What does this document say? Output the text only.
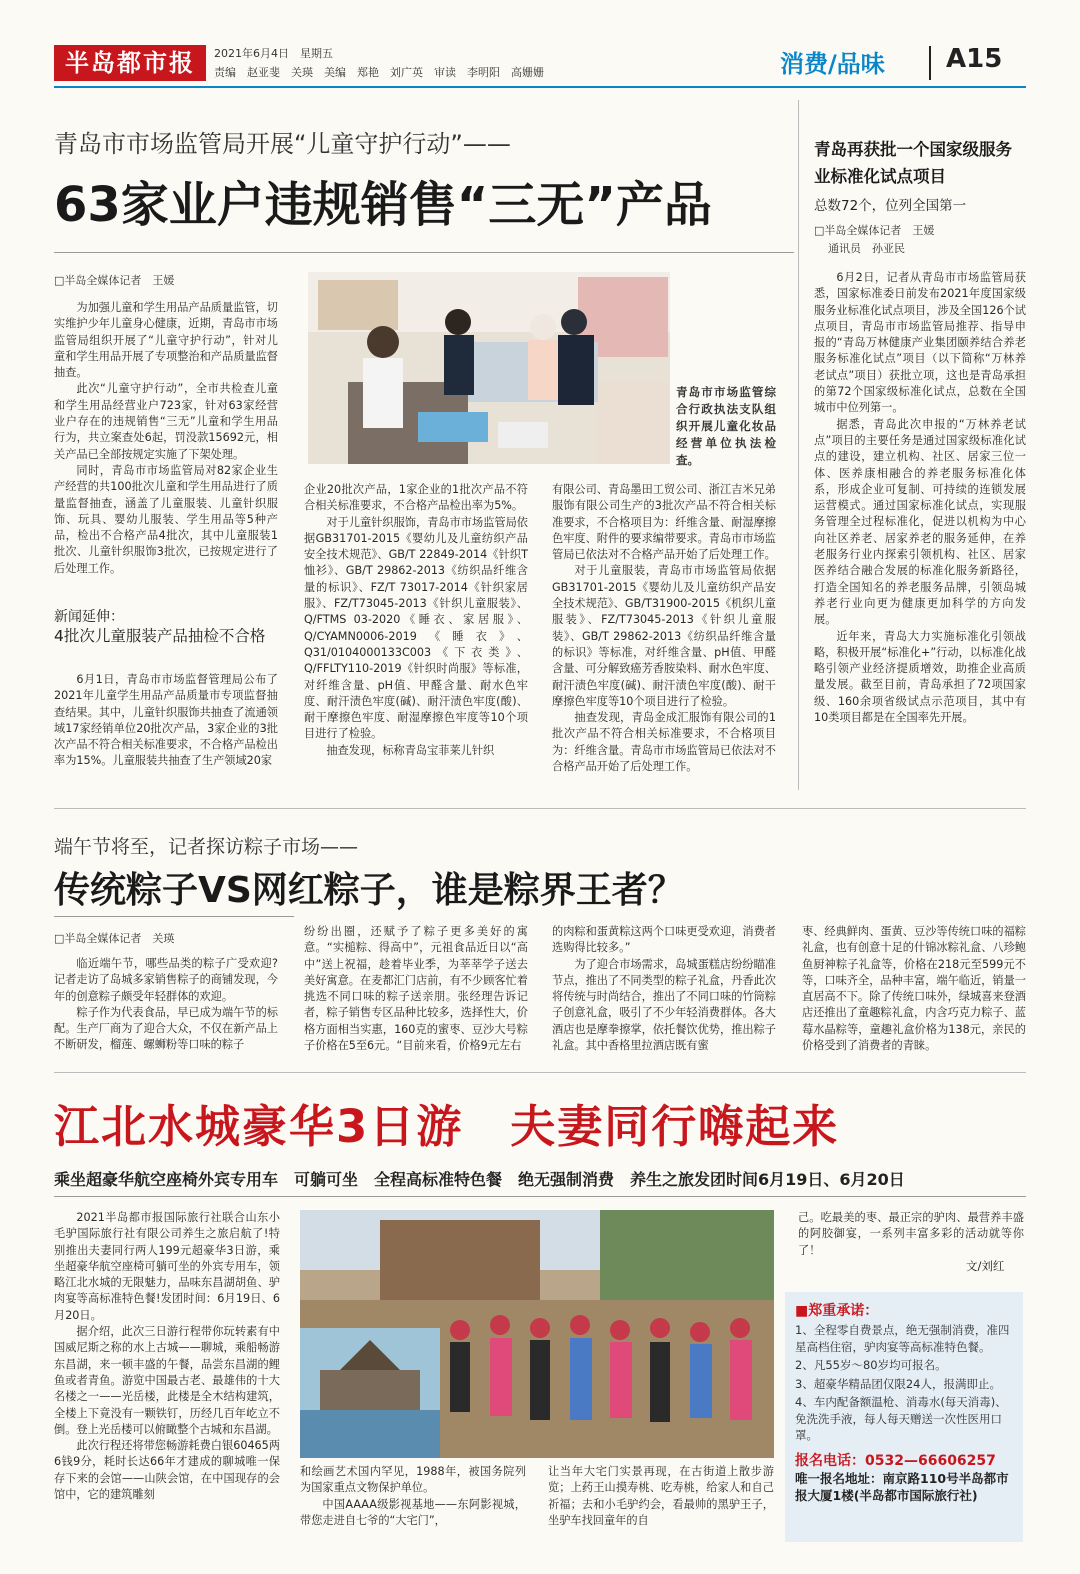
半岛都市报	2021年6月4日　星期五
责编　赵亚斐　关瑛　美编　郑艳　刘广英　审读　李明阳　高姗姗	消费/品味 A15
青岛市市场监管局开展“儿童守护行动”——
63家业户违规销售“三无”产品
□半岛全媒体记者　王媛

为加强儿童和学生用品产品质量监管，切实维护少年儿童身心健康，近期，青岛市市场监管局组织开展了“儿童守护行动”，针对儿童和学生用品开展了专项整治和产品质量监督抽查。

此次“儿童守护行动”，全市共检查儿童和学生用品经营业户723家，针对63家经营业户存在的违规销售“三无”儿童和学生用品行为，共立案查处6起，罚没款15692元，相关产品已全部按规定实施了下架处理。

同时，青岛市市场监管局对82家企业生产经营的共100批次儿童和学生用品进行了质量监督抽查，涵盖了儿童服装、儿童针织服饰、玩具、婴幼儿服装、学生用品等5种产品，检出不合格产品4批次，其中儿童服装1批次、儿童针织服饰3批次，已按规定进行了后处理工作。

新闻延伸：
4批次儿童服装产品抽检不合格

6月1日，青岛市市场监督管理局公布了2021年儿童学生用品产品质量市专项监督抽查结果。其中，儿童针织服饰共抽查了流通领域17家经销单位20批次产品，3家企业的3批次产品不符合相关标准要求，不合格产品检出率为15%。儿童服装共抽查了生产领域20家

青岛市市场监管综合行政执法支队组织开展儿童化妆品经营单位执法检查。

企业20批次产品，1家企业的1批次产品不符合相关标准要求，不合格产品检出率为5%。

对于儿童针织服饰，青岛市市场监管局依据GB31701-2015《婴幼儿及儿童纺织产品安全技术规范》、GB/T 22849-2014《针织T恤衫》、GB/T 29862-2013《纺织品纤维含量的标识》、FZ/T 73017-2014《针织家居服》、FZ/T73045-2013《针织儿童服装》、Q/FTMS 03-2020《睡衣、家居服》、Q/CYAMN0006-2019《睡衣》、Q31/0104000133C003《下衣类》、Q/FFLTY110-2019《针织时尚服》等标准，对纤维含量、pH值、甲醛含量、耐水色牢度、耐汗渍色牢度(碱)、耐汗渍色牢度(酸)、耐干摩擦色牢度、耐湿摩擦色牢度等10个项目进行了检验。

抽查发现，标称青岛宝菲莱儿针织

有限公司、青岛墨田工贸公司、浙江吉米兄弟服饰有限公司生产的3批次产品不符合相关标准要求，不合格项目为：纤维含量、耐湿摩擦色牢度、附件的要求编带要求。青岛市市场监管局已依法对不合格产品开始了后处理工作。

对于儿童服装，青岛市市场监管局依据GB31701-2015《婴幼儿及儿童纺织产品安全技术规范》、GB/T31900-2015《机织儿童服装》、FZ/T73045-2013《针织儿童服装》、GB/T 29862-2013《纺织品纤维含量的标识》等标准，对纤维含量、pH值、甲醛含量、可分解致癌芳香胺染料、耐水色牢度、耐汗渍色牢度(碱)、耐汗渍色牢度(酸)、耐干摩擦色牢度等10个项目进行了检验。

抽查发现，青岛金成汇服饰有限公司的1批次产品不符合相关标准要求，不合格项目为：纤维含量。青岛市市场监管局已依法对不合格产品开始了后处理工作。

青岛再获批一个国家级服务业标准化试点项目
总数72个，位列全国第一
□半岛全媒体记者　王媛
通讯员　孙亚民

6月2日，记者从青岛市市场监管局获悉，国家标准委日前发布2021年度国家级服务业标准化试点项目，涉及全国126个试点项目，青岛市市场监管局推荐、指导申报的“青岛万林健康产业集团颐养结合养老服务标准化试点”项目（以下简称“万林养老试点”项目）获批立项，这也是青岛承担的第72个国家级标准化试点，总数在全国城市中位列第一。

据悉，青岛此次申报的“万林养老试点”项目的主要任务是通过国家级标准化试点的建设，建立机构、社区、居家三位一体、医养康相融合的养老服务标准化体系，形成企业可复制、可持续的连锁发展运营模式。通过国家标准化试点，实现服务管理全过程标准化，促进以机构为中心向社区养老、居家养老的服务延伸，在养老服务行业内探索引领机构、社区、居家医养结合融合发展的标准化服务新路径，打造全国知名的养老服务品牌，引领岛城养老行业向更为健康更加科学的方向发展。

近年来，青岛大力实施标准化引领战略，积极开展“标准化+”行动，以标准化战略引领产业经济提质增效，助推企业高质量发展。截至目前，青岛承担了72项国家级、160余项省级试点示范项目，其中有10类项目都是在全国率先开展。

端午节将至，记者探访粽子市场——
传统粽子VS网红粽子，谁是粽界王者？
□半岛全媒体记者　关瑛

临近端午节，哪些品类的粽子广受欢迎?记者走访了岛城多家销售粽子的商铺发现，今年的创意粽子颇受年轻群体的欢迎。

粽子作为代表食品，早已成为端午节的标配。生产厂商为了迎合大众，不仅在新产品上不断研发，榴莲、螺蛳粉等口味的粽子

纷纷出圈，还赋予了粽子更多美好的寓意。“实槌粽、得高中”，元祖食品近日以“高中”送上祝福，趁着毕业季，为莘莘学子送去美好寓意。在麦都汇门店前，有不少顾客忙着挑选不同口味的粽子送亲朋。张经理告诉记者，粽子销售专区品种比较多，选择性大，价格方面相当实惠，160克的蜜枣、豆沙大号粽子价格在5至6元。“目前来看，价格9元左右

的肉粽和蛋黄粽这两个口味更受欢迎，消费者选购得比较多。”

为了迎合市场需求，岛城蛋糕店纷纷瞄准节点，推出了不同类型的粽子礼盒，丹香此次将传统与时尚结合，推出了不同口味的竹筒粽子创意礼盒，吸引了不少年轻消费群体。各大酒店也是摩拳擦掌，依托餐饮优势，推出粽子礼盒。其中香格里拉酒店既有蜜

枣、经典鲜肉、蛋黄、豆沙等传统口味的福粽礼盒，也有创意十足的什锦冰粽礼盒、八珍鲍鱼厨神粽子礼盒等，价格在218元至599元不等，口味齐全，品种丰富，端午临近，销量一直居高不下。除了传统口味外，绿城喜来登酒店还推出了童趣粽礼盒，内含巧克力粽子、蓝莓水晶粽等，童趣礼盒价格为138元，亲民的价格受到了消费者的青睐。

江北水城豪华3日游　夫妻同行嗨起来
乘坐超豪华航空座椅外宾专用车　可躺可坐　全程高标准特色餐　绝无强制消费　养生之旅发团时间6月19日、6月20日

2021半岛都市报国际旅行社联合山东小毛驴国际旅行社有限公司养生之旅启航了!特别推出夫妻同行两人199元超豪华3日游，乘坐超豪华航空座椅可躺可坐的外宾专用车，领略江北水城的无限魅力，品味东昌湖胡鱼、驴肉宴等高标准特色餐!发团时间：6月19日、6月20日。

据介绍，此次三日游行程带你玩转素有中国威尼斯之称的水上古城——聊城，乘船畅游东昌湖，来一顿丰盛的午餐，品尝东昌湖的鲤鱼或者青鱼。游览中国最古老、最雄伟的十大名楼之一——光岳楼，此楼是全木结构建筑，全楼上下竟没有一颗铁钉，历经几百年屹立不倒。登上光岳楼可以俯瞰整个古城和东昌湖。

此次行程还将带您畅游耗费白银60465两6钱9分，耗时长达66年才建成的聊城唯一保存下来的会馆——山陕会馆，在中国现存的会馆中，它的建筑雕刻

和绘画艺术国内罕见，1988年，被国务院列为国家重点文物保护单位。

中国AAAA级影视基地——东阿影视城，带您走进自七爷的“大宅门”，

让当年大宅门实景再现，在古街道上散步游览；上药王山摸寿桃、吃寿桃，给家人和自己祈福；去和小毛驴约会，看最帅的黑驴王子，坐驴车找回童年的自

己。吃最美的枣、最正宗的驴肉、最营养丰盛的阿胶御宴，一系列丰富多彩的活动就等你了！

文/刘红
■郑重承诺：
1、全程零自费景点，绝无强制消费，准四星高档住宿，驴肉宴等高标准特色餐。
2、凡55岁～80岁均可报名。
3、超豪华精品团仅限24人，报满即止。
4、车内配备额温枪、消毒水(每天消毒)、免洗洗手液，每人每天赠送一次性医用口罩。
报名电话：0532—66606257
唯一报名地址：南京路110号半岛都市报大厦1楼(半岛都市国际旅行社)
